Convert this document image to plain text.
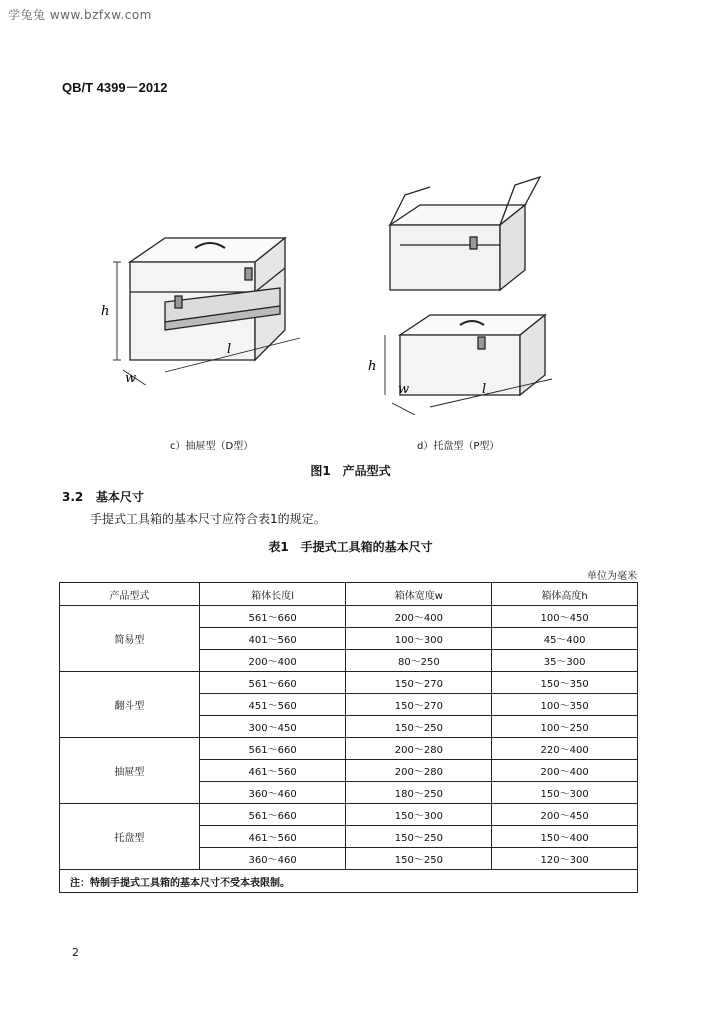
学兔兔 www.bzfxw.com
QB/T 4399－2012
h
w
l
h
w	l
c）抽屉型（D型）	d）托盘型（P型）
图1　产品型式
3.2 基本尺寸
手提式工具箱的基本尺寸应符合表1的规定。
表1　手提式工具箱的基本尺寸
单位为毫米
产品型式	箱体长度l	箱体宽度w	箱体高度h
简易型	561～660	200～400	100～450
	401～560	100～300	45～400
	200～400	80～250	35～300
翻斗型	561～660	150～270	150～350
	451～560	150～270	100～350
	300～450	150～250	100～250
抽屉型	561～660	200～280	220～400
	461～560	200～280	200～400
	360～460	180～250	150～300
托盘型	561～660	150～300	200～450
	461～560	150～250	150～400
	360～460	150～250	120～300
注：特制手提式工具箱的基本尺寸不受本表限制。			
2
